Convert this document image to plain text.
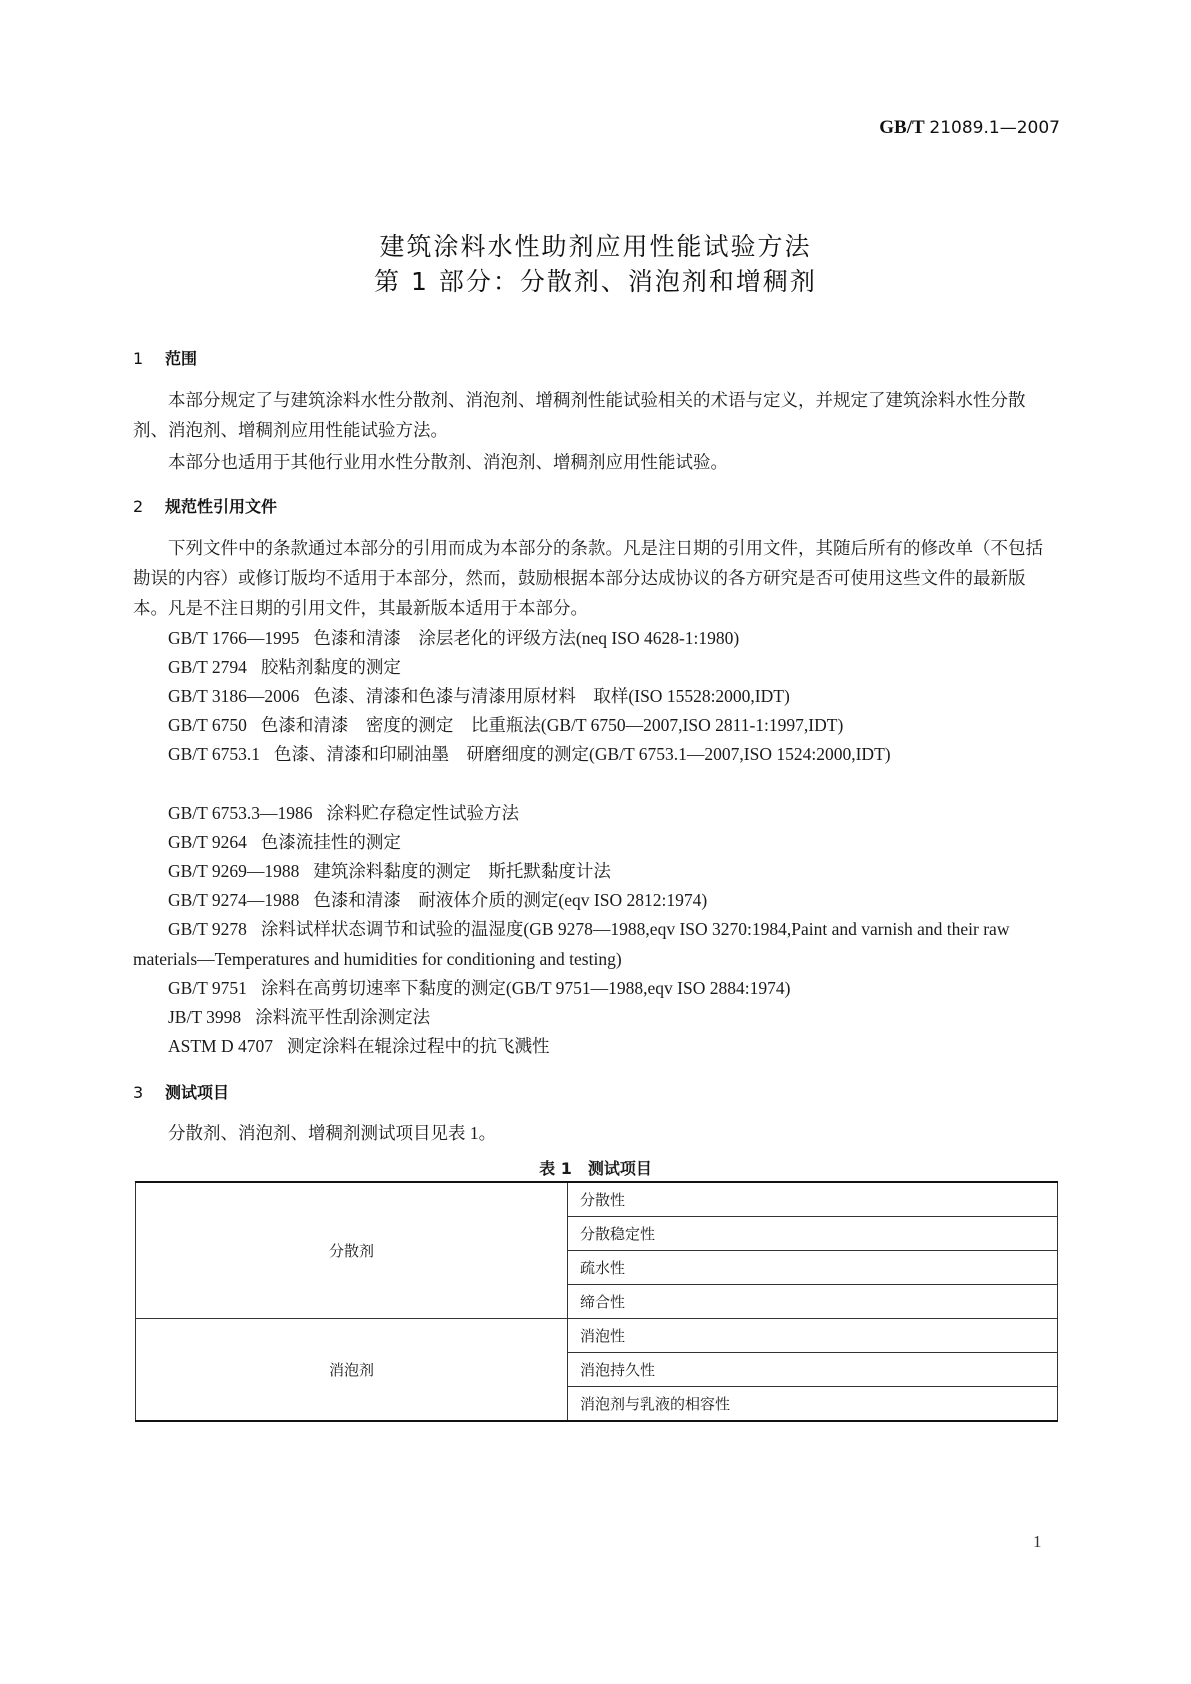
GB/T 21089.1—2007
建筑涂料水性助剂应用性能试验方法
第 1 部分：分散剂、消泡剂和增稠剂
1 范围
本部分规定了与建筑涂料水性分散剂、消泡剂、增稠剂性能试验相关的术语与定义，并规定了建筑涂料水性分散剂、消泡剂、增稠剂应用性能试验方法。
本部分也适用于其他行业用水性分散剂、消泡剂、增稠剂应用性能试验。
2 规范性引用文件
下列文件中的条款通过本部分的引用而成为本部分的条款。凡是注日期的引用文件，其随后所有的修改单（不包括勘误的内容）或修订版均不适用于本部分，然而，鼓励根据本部分达成协议的各方研究是否可使用这些文件的最新版本。凡是不注日期的引用文件，其最新版本适用于本部分。
GB/T 1766—1995 色漆和清漆　涂层老化的评级方法(neq ISO 4628-1:1980)
GB/T 2794 胶粘剂黏度的测定
GB/T 3186—2006 色漆、清漆和色漆与清漆用原材料　取样(ISO 15528:2000,IDT)
GB/T 6750 色漆和清漆　密度的测定　比重瓶法(GB/T 6750—2007,ISO 2811-1:1997,IDT)
GB/T 6753.1 色漆、清漆和印刷油墨　研磨细度的测定(GB/T 6753.1—2007,ISO 1524:2000,IDT)
GB/T 6753.3—1986 涂料贮存稳定性试验方法
GB/T 9264 色漆流挂性的测定
GB/T 9269—1988 建筑涂料黏度的测定　斯托默黏度计法
GB/T 9274—1988 色漆和清漆　耐液体介质的测定(eqv ISO 2812:1974)
GB/T 9278 涂料试样状态调节和试验的温湿度(GB 9278—1988,eqv ISO 3270:1984,Paint and varnish and their raw materials—Temperatures and humidities for conditioning and testing)
GB/T 9751 涂料在高剪切速率下黏度的测定(GB/T 9751—1988,eqv ISO 2884:1974)
JB/T 3998 涂料流平性刮涂测定法
ASTM D 4707 测定涂料在辊涂过程中的抗飞溅性
3 测试项目
分散剂、消泡剂、增稠剂测试项目见表 1。
表 1　测试项目
分散剂	分散性
	分散稳定性
	疏水性
	缔合性
消泡剂	消泡性
	消泡持久性
	消泡剂与乳液的相容性
1
